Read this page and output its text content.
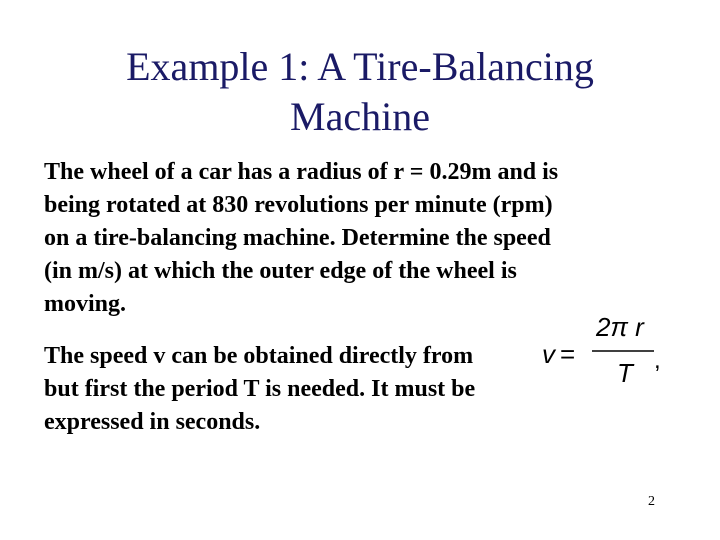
Example 1: A Tire-Balancing
Machine
The wheel of a car has a radius of r = 0.29m and is
being rotated at 830 revolutions per minute (rpm)
on a tire-balancing machine. Determine the speed
(in m/s) at which the outer edge of the wheel is
moving.
The speed v can be obtained directly from
but first the period T is needed. It must be
expressed in seconds.
v =
2π r
T ,
2
